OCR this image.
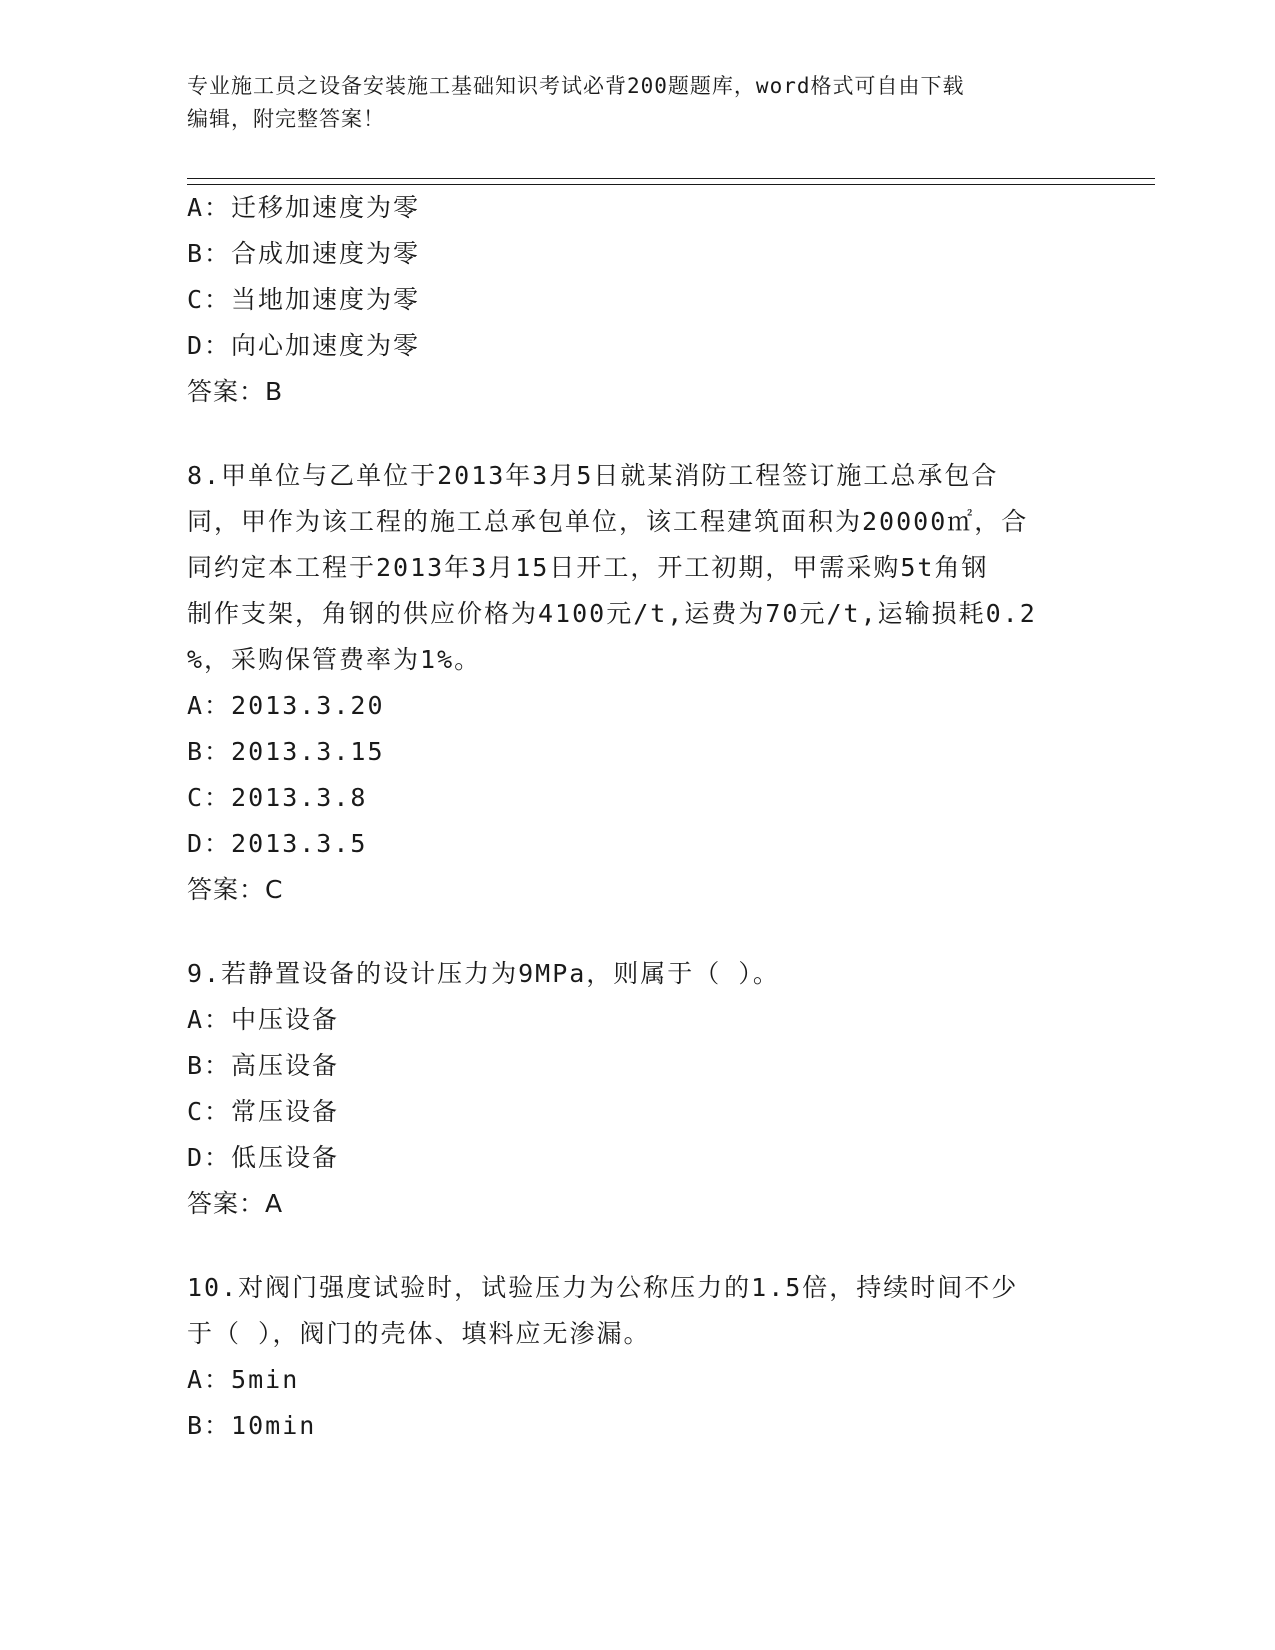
专业施工员之设备安装施工基础知识考试必背200题题库，word格式可自由下载
编辑，附完整答案！
A：迁移加速度为零
B：合成加速度为零
C：当地加速度为零
D：向心加速度为零
答案：B
8.甲单位与乙单位于2013年3月5日就某消防工程签订施工总承包合
同，甲作为该工程的施工总承包单位，该工程建筑面积为20000㎡，合
同约定本工程于2013年3月15日开工，开工初期，甲需采购5t角钢
制作支架，角钢的供应价格为4100元/t,运费为70元/t,运输损耗0.2
%，采购保管费率为1%。
A：2013.3.20
B：2013.3.15
C：2013.3.8
D：2013.3.5
答案：C
9.若静置设备的设计压力为9MPa，则属于（ ）。
A：中压设备
B：高压设备
C：常压设备
D：低压设备
答案：A
10.对阀门强度试验时，试验压力为公称压力的1.5倍，持续时间不少
于（ ），阀门的壳体、填料应无渗漏。
A：5min
B：10min
